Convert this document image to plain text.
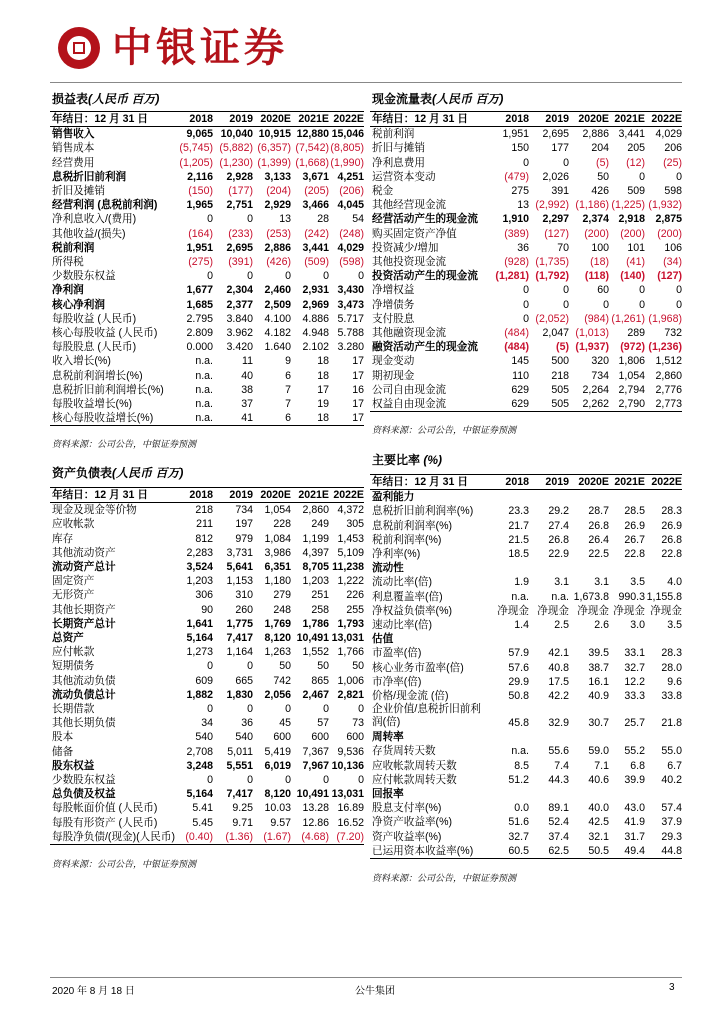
中银证券
损益表(人民币 百万)
年结日：12 月 31 日	2018	2019	2020E	2021E	2022E
销售收入	9,065	10,040	10,915	12,880	15,046
销售成本	(5,745)	(5,882)	(6,357)	(7,542)	(8,805)
经营费用	(1,205)	(1,230)	(1,399)	(1,668)	(1,990)
息税折旧前利润	2,116	2,928	3,133	3,671	4,251
折旧及摊销	(150)	(177)	(204)	(205)	(206)
经营利润 (息税前利润)	1,965	2,751	2,929	3,466	4,045
净利息收入/(费用)	0	0	13	28	54
其他收益/(损失)	(164)	(233)	(253)	(242)	(248)
税前利润	1,951	2,695	2,886	3,441	4,029
所得税	(275)	(391)	(426)	(509)	(598)
少数股东权益	0	0	0	0	0
净利润	1,677	2,304	2,460	2,931	3,430
核心净利润	1,685	2,377	2,509	2,969	3,473
每股收益 (人民币)	2.795	3.840	4.100	4.886	5.717
核心每股收益 (人民币)	2.809	3.962	4.182	4.948	5.788
每股股息 (人民币)	0.000	3.420	1.640	2.102	3.280
收入增长(%)	n.a.	11	9	18	17
息税前利润增长(%)	n.a.	40	6	18	17
息税折旧前利润增长(%)	n.a.	38	7	17	16
每股收益增长(%)	n.a.	37	7	19	17
核心每股收益增长(%)	n.a.	41	6	18	17
资料来源：公司公告，中银证券预测
现金流量表(人民币 百万)
年结日：12 月 31 日	2018	2019	2020E	2021E	2022E
税前利润	1,951	2,695	2,886	3,441	4,029
折旧与摊销	150	177	204	205	206
净利息费用	0	0	(5)	(12)	(25)
运营资本变动	(479)	2,026	50	0	0
税金	275	391	426	509	598
其他经营现金流	13	(2,992)	(1,186)	(1,225)	(1,932)
经营活动产生的现金流	1,910	2,297	2,374	2,918	2,875
购买固定资产净值	(389)	(127)	(200)	(200)	(200)
投资减少/增加	36	70	100	101	106
其他投资现金流	(928)	(1,735)	(18)	(41)	(34)
投资活动产生的现金流	(1,281)	(1,792)	(118)	(140)	(127)
净增权益	0	0	60	0	0
净增债务	0	0	0	0	0
支付股息	0	(2,052)	(984)	(1,261)	(1,968)
其他融资现金流	(484)	2,047	(1,013)	289	732
融资活动产生的现金流	(484)	(5)	(1,937)	(972)	(1,236)
现金变动	145	500	320	1,806	1,512
期初现金	110	218	734	1,054	2,860
公司自由现金流	629	505	2,264	2,794	2,776
权益自由现金流	629	505	2,262	2,790	2,773
资料来源：公司公告，中银证券预测
资产负债表(人民币 百万)
年结日：12 月 31 日	2018	2019	2020E	2021E	2022E
现金及现金等价物	218	734	1,054	2,860	4,372
应收帐款	211	197	228	249	305
库存	812	979	1,084	1,199	1,453
其他流动资产	2,283	3,731	3,986	4,397	5,109
流动资产总计	3,524	5,641	6,351	8,705	11,238
固定资产	1,203	1,153	1,180	1,203	1,222
无形资产	306	310	279	251	226
其他长期资产	90	260	248	258	255
长期资产总计	1,641	1,775	1,769	1,786	1,793
总资产	5,164	7,417	8,120	10,491	13,031
应付帐款	1,273	1,164	1,263	1,552	1,766
短期债务	0	0	50	50	50
其他流动负债	609	665	742	865	1,006
流动负债总计	1,882	1,830	2,056	2,467	2,821
长期借款	0	0	0	0	0
其他长期负债	34	36	45	57	73
股本	540	540	600	600	600
储备	2,708	5,011	5,419	7,367	9,536
股东权益	3,248	5,551	6,019	7,967	10,136
少数股东权益	0	0	0	0	0
总负债及权益	5,164	7,417	8,120	10,491	13,031
每股帐面价值 (人民币)	5.41	9.25	10.03	13.28	16.89
每股有形资产 (人民币)	5.45	9.71	9.57	12.86	16.52
每股净负债/(现金)(人民币)	(0.40)	(1.36)	(1.67)	(4.68)	(7.20)
资料来源：公司公告，中银证券预测
主要比率 (%)
年结日：12 月 31 日	2018	2019	2020E	2021E	2022E
盈利能力					
息税折旧前利润率(%)	23.3	29.2	28.7	28.5	28.3
息税前利润率(%)	21.7	27.4	26.8	26.9	26.9
税前利润率(%)	21.5	26.8	26.4	26.7	26.8
净利率(%)	18.5	22.9	22.5	22.8	22.8
流动性					
流动比率(倍)	1.9	3.1	3.1	3.5	4.0
利息覆盖率(倍)	n.a.	n.a.	1,673.8	990.3	1,155.8
净权益负债率(%)	净现金	净现金	净现金	净现金	净现金
速动比率(倍)	1.4	2.5	2.6	3.0	3.5
估值					
市盈率(倍)	57.9	42.1	39.5	33.1	28.3
核心业务市盈率(倍)	57.6	40.8	38.7	32.7	28.0
市净率(倍)	29.9	17.5	16.1	12.2	9.6
价格/现金流 (倍)	50.8	42.2	40.9	33.3	33.8
企业价值/息税折旧前利润(倍)	45.8	32.9	30.7	25.7	21.8
周转率					
存货周转天数	n.a.	55.6	59.0	55.2	55.0
应收帐款周转天数	8.5	7.4	7.1	6.8	6.7
应付帐款周转天数	51.2	44.3	40.6	39.9	40.2
回报率					
股息支付率(%)	0.0	89.1	40.0	43.0	57.4
净资产收益率(%)	51.6	52.4	42.5	41.9	37.9
资产收益率(%)	32.7	37.4	32.1	31.7	29.3
已运用资本收益率(%)	60.5	62.5	50.5	49.4	44.8
资料来源：公司公告，中银证券预测
2020 年 8 月 18 日	公牛集团	3
